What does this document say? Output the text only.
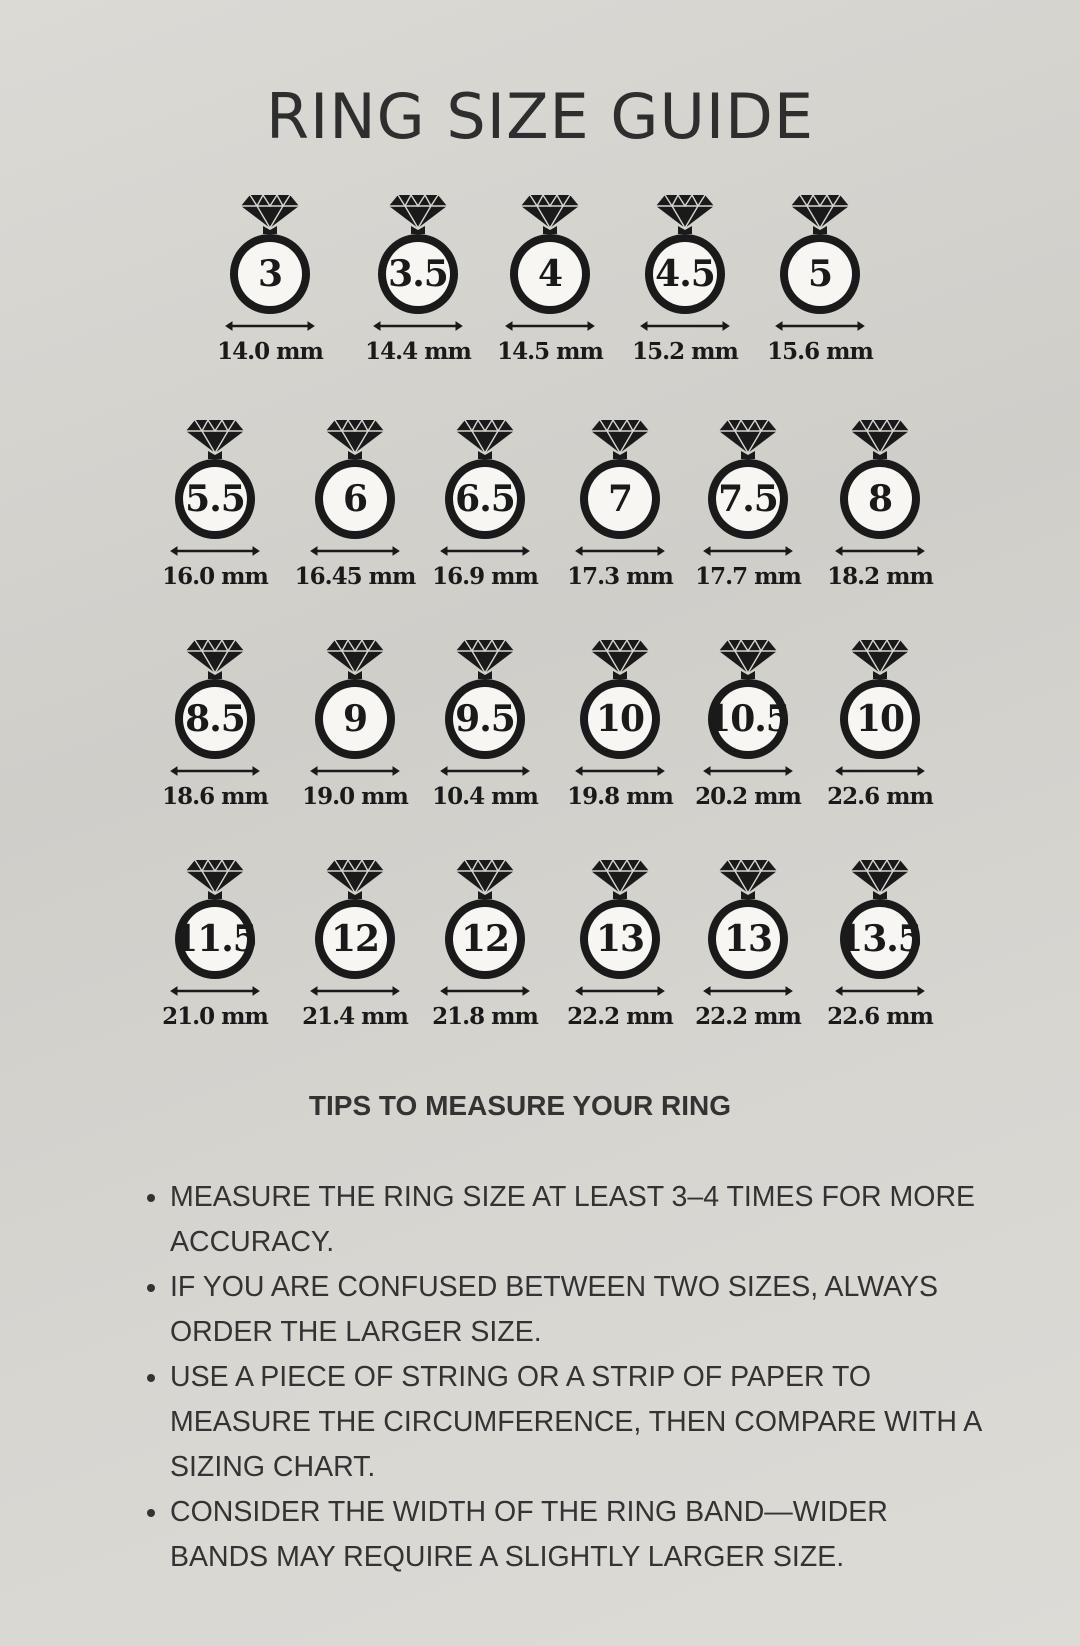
RING SIZE GUIDE
3
14.0 mm
3.5
14.4 mm
4
14.5 mm
4.5
15.2 mm
5
15.6 mm
5.5
16.0 mm
6
16.45 mm
6.5
16.9 mm
7
17.3 mm
7.5
17.7 mm
8
18.2 mm
8.5
18.6 mm
9
19.0 mm
9.5
10.4 mm
10
19.8 mm
10.5
20.2 mm
10
22.6 mm
11.5
21.0 mm
12
21.4 mm
12
21.8 mm
13
22.2 mm
13
22.2 mm
13.5
22.6 mm
TIPS TO MEASURE YOUR RING
• MEASURE THE RING SIZE AT LEAST 3–4 TIMES FOR MORE ACCURACY.
• IF YOU ARE CONFUSED BETWEEN TWO SIZES, ALWAYS ORDER THE LARGER SIZE.
• USE A PIECE OF STRING OR A STRIP OF PAPER TO MEASURE THE CIRCUMFERENCE, THEN COMPARE WITH A SIZING CHART.
• CONSIDER THE WIDTH OF THE RING BAND—WIDER BANDS MAY REQUIRE A SLIGHTLY LARGER SIZE.
